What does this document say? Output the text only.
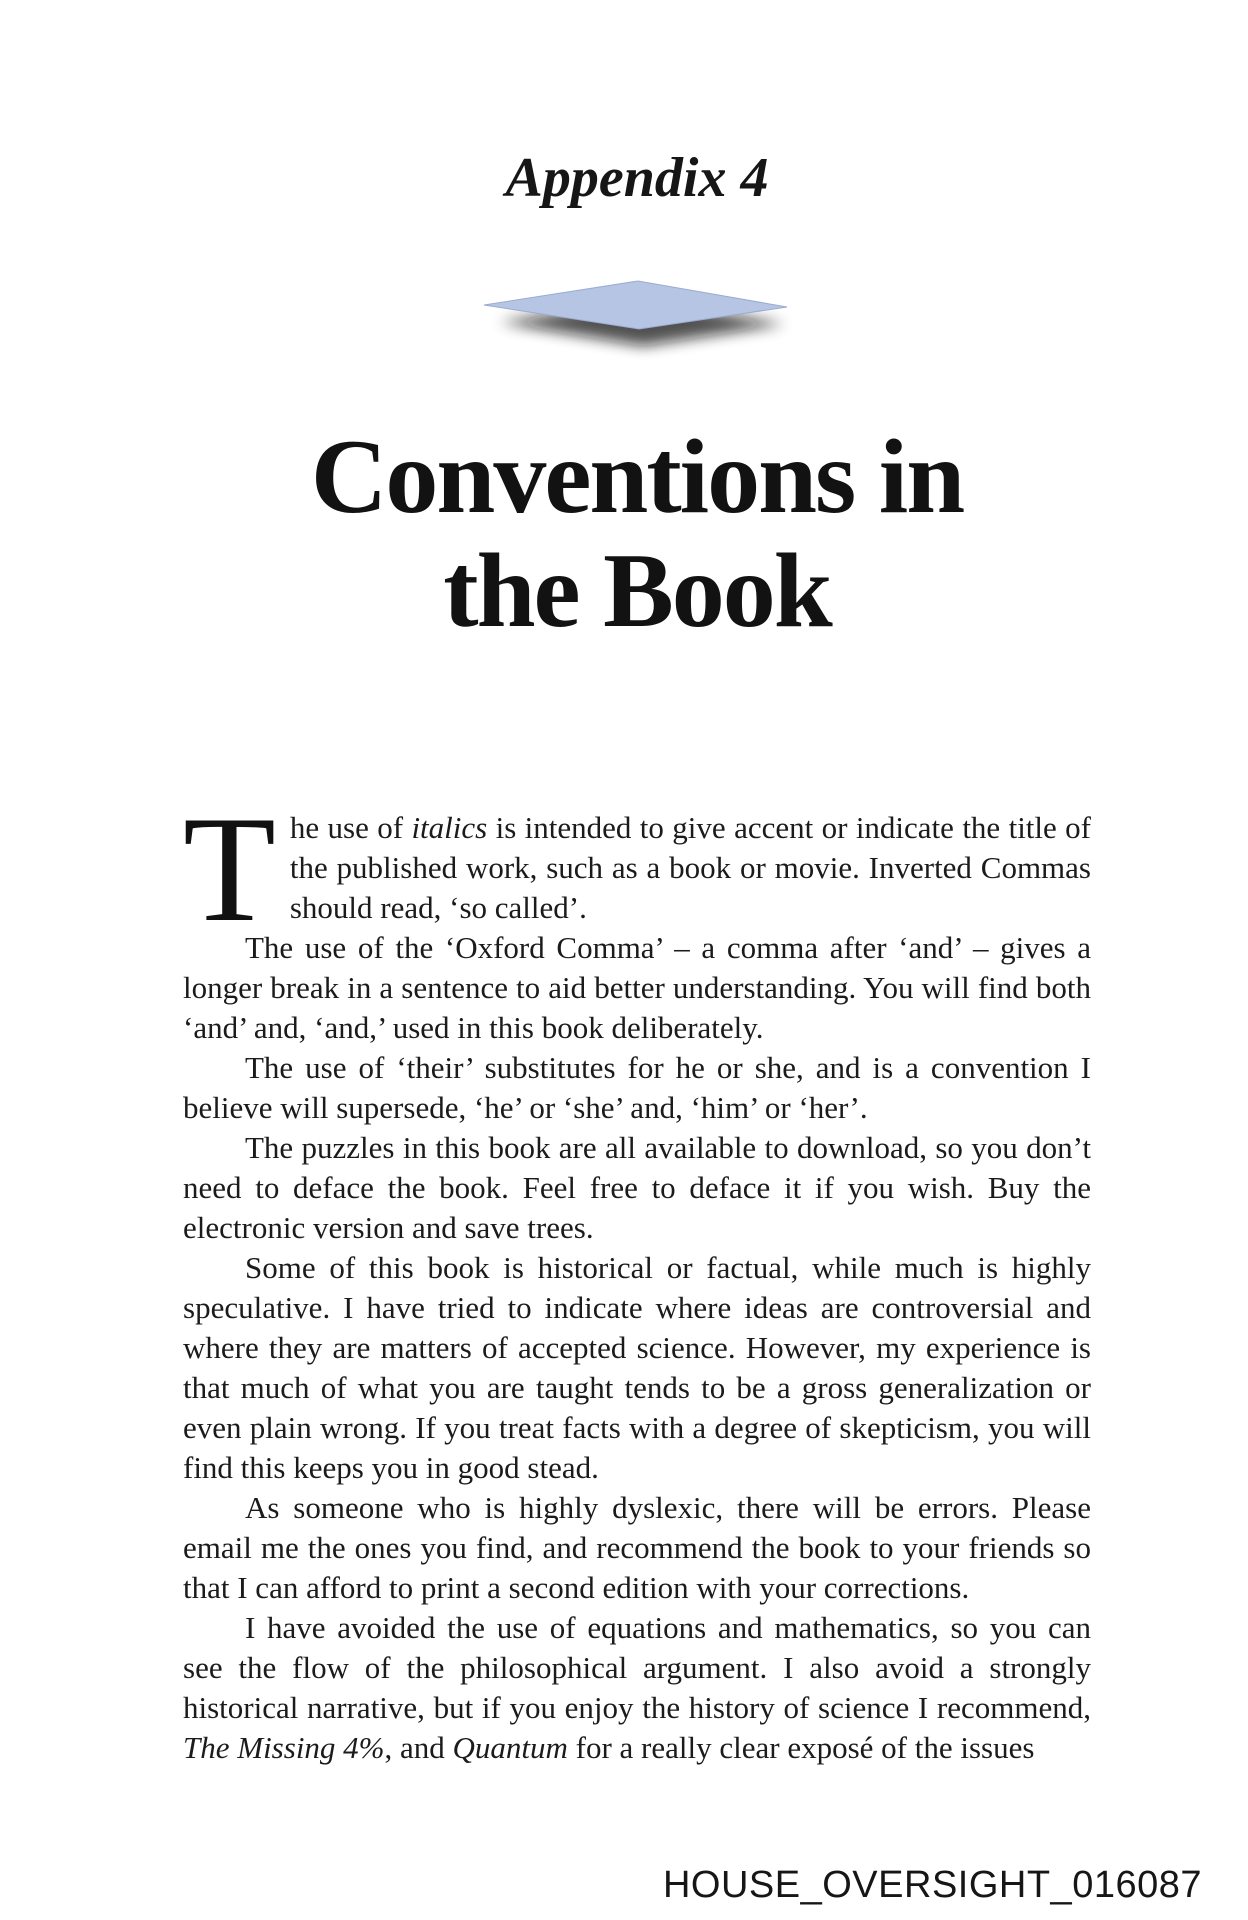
Appendix 4
Conventions in
the Book

The use of italics is intended to give accent or indicate the title of the published work, such as a book or movie. Inverted Commas should read, ‘so called’.

The use of the ‘Oxford Comma’ – a comma after ‘and’ – gives a longer break in a sentence to aid better understanding. You will find both ‘and’ and, ‘and,’ used in this book deliberately.

The use of ‘their’ substitutes for he or she, and is a convention I believe will supersede, ‘he’ or ‘she’ and, ‘him’ or ‘her’.

The puzzles in this book are all available to download, so you don’t need to deface the book. Feel free to deface it if you wish. Buy the electronic version and save trees.

Some of this book is historical or factual, while much is highly speculative. I have tried to indicate where ideas are controversial and where they are matters of accepted science. However, my experience is that much of what you are taught tends to be a gross generalization or even plain wrong. If you treat facts with a degree of skepticism, you will find this keeps you in good stead.

As someone who is highly dyslexic, there will be errors. Please email me the ones you find, and recommend the book to your friends so that I can afford to print a second edition with your corrections.

I have avoided the use of equations and mathematics, so you can see the flow of the philosophical argument. I also avoid a strongly historical narrative, but if you enjoy the history of science I recommend, The Missing 4%, and Quantum for a really clear exposé of the issues

HOUSE_OVERSIGHT_016087
